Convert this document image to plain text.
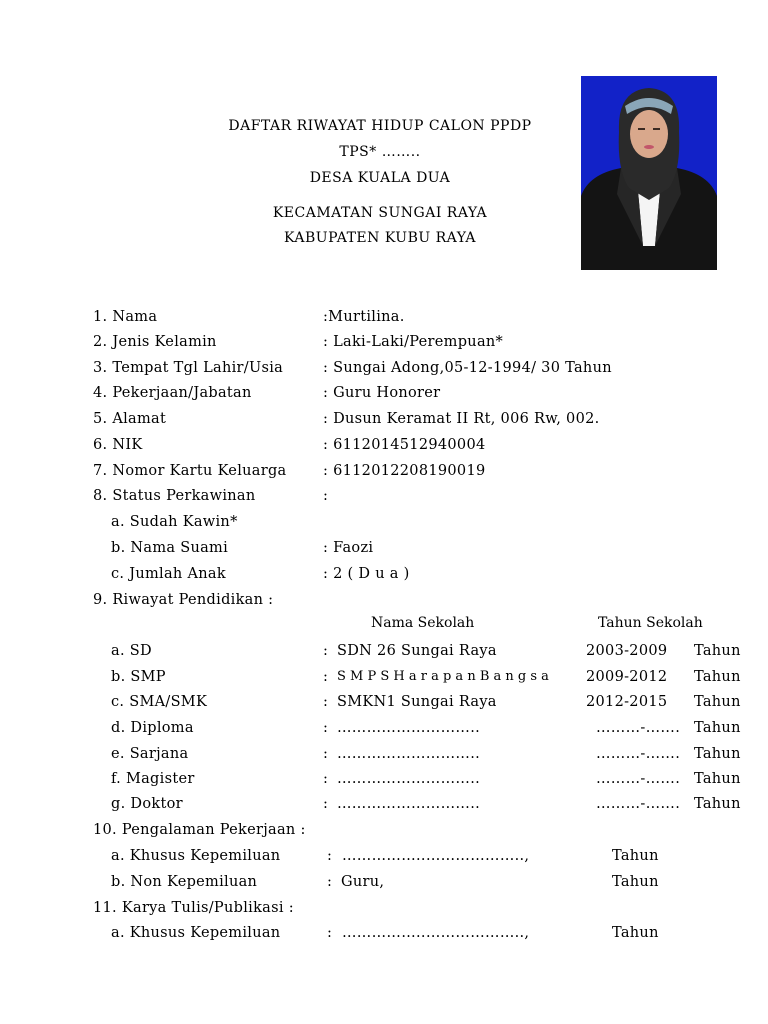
DAFTAR RIWAYAT HIDUP CALON PPDP
TPS* ……..
DESA KUALA DUA
KECAMATAN SUNGAI RAYA
KABUPATEN KUBU RAYA
1. Nama	:Murtilina.
2. Jenis Kelamin	: Laki-Laki/Perempuan*
3. Tempat Tgl Lahir/Usia	: Sungai Adong,05-12-1994/ 30 Tahun
4. Pekerjaan/Jabatan	: Guru Honorer
5. Alamat	: Dusun Keramat II Rt, 006 Rw, 002.
6. NIK	: 6112014512940004
7. Nomor Kartu Keluarga	: 6112012208190019
8. Status Perkawinan	:
a. Sudah Kawin*
b. Nama Suami	: Faozi
c. Jumlah Anak	: 2 ( D u a )
9. Riwayat Pendidikan :
Nama Sekolah	Tahun Sekolah
a. SD	: SDN 26 Sungai Raya	2003-2009 Tahun
b. SMP	: S M P S H a r a p a n B a n g s a	2009-2012 Tahun
c. SMA/SMK	: SMKN1 Sungai Raya	2012-2015 Tahun
d. Diploma	: ………………………..	………-……. Tahun
e. Sarjana	: ………………………..	………-……. Tahun
f. Magister	: ………………………..	………-……. Tahun
g. Doktor	: ………………………..	………-……. Tahun
10. Pengalaman Pekerjaan :
a. Khusus Kepemiluan	: ……………..………………..,	Tahun
b. Non Kepemiluan	: Guru,	Tahun
11. Karya Tulis/Publikasi :
a. Khusus Kepemiluan	: ……………..………………..,	Tahun
